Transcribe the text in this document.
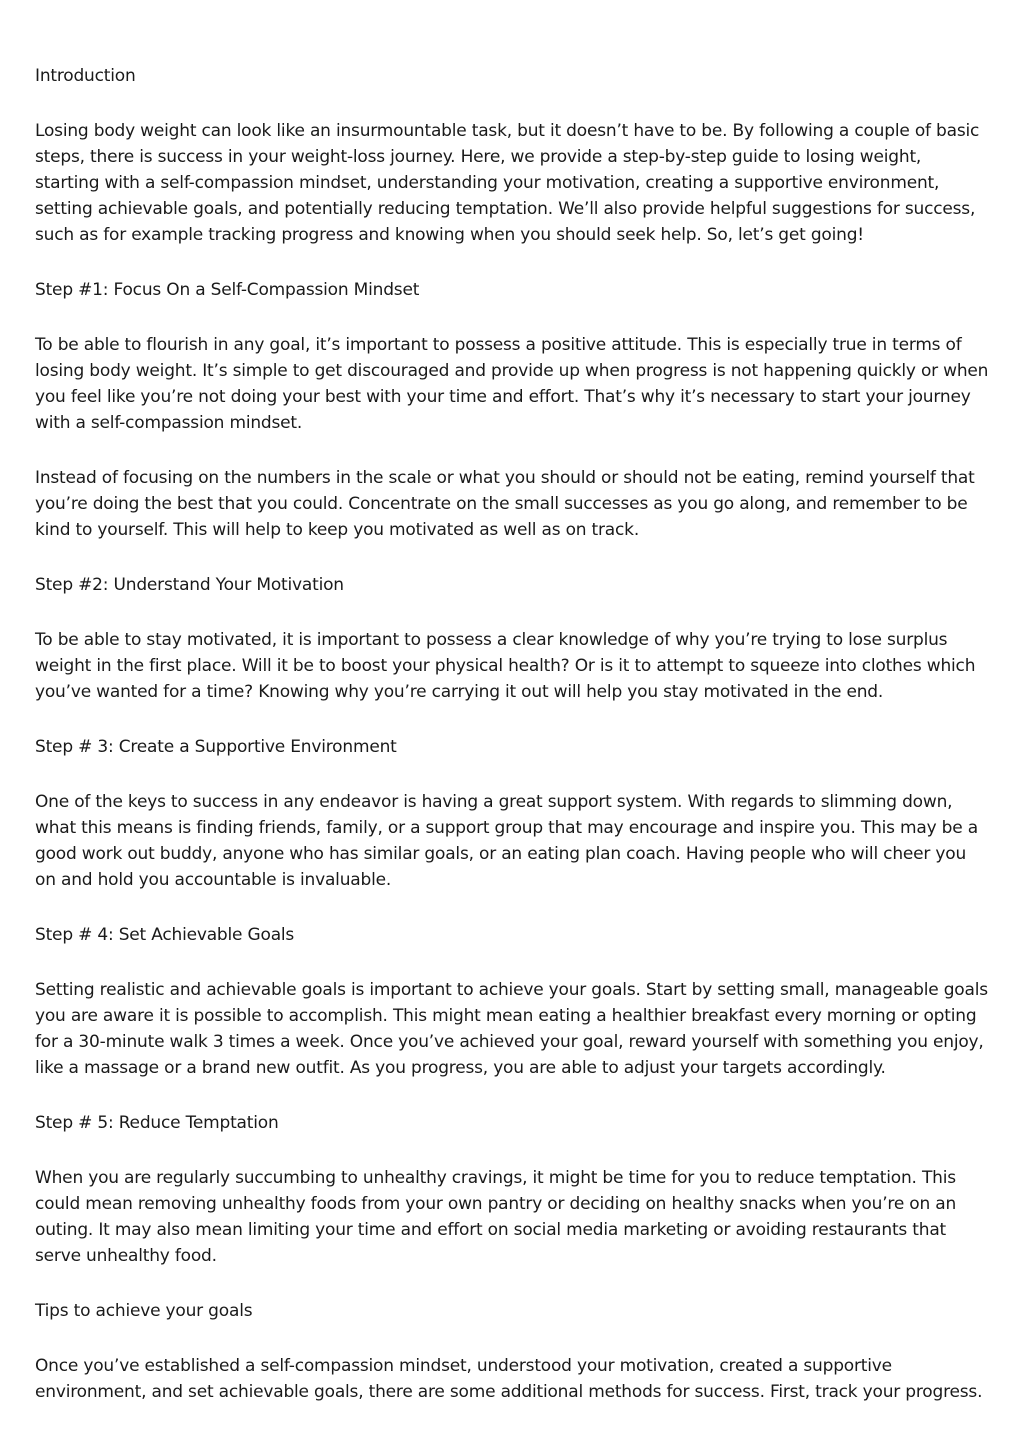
Introduction

Losing body weight can look like an insurmountable task, but it doesn’t have to be. By following a couple of basic steps, there is success in your weight-loss journey. Here, we provide a step-by-step guide to losing weight, starting with a self-compassion mindset, understanding your motivation, creating a supportive environment, setting achievable goals, and potentially reducing temptation. We’ll also provide helpful suggestions for success, such as for example tracking progress and knowing when you should seek help. So, let’s get going!

Step #1: Focus On a Self-Compassion Mindset

To be able to flourish in any goal, it’s important to possess a positive attitude. This is especially true in terms of losing body weight. It’s simple to get discouraged and provide up when progress is not happening quickly or when you feel like you’re not doing your best with your time and effort. That’s why it’s necessary to start your journey with a self-compassion mindset.

Instead of focusing on the numbers in the scale or what you should or should not be eating, remind yourself that you’re doing the best that you could. Concentrate on the small successes as you go along, and remember to be kind to yourself. This will help to keep you motivated as well as on track.

Step #2: Understand Your Motivation

To be able to stay motivated, it is important to possess a clear knowledge of why you’re trying to lose surplus weight in the first place. Will it be to boost your physical health? Or is it to attempt to squeeze into clothes which you’ve wanted for a time? Knowing why you’re carrying it out will help you stay motivated in the end.

Step # 3: Create a Supportive Environment

One of the keys to success in any endeavor is having a great support system. With regards to slimming down, what this means is finding friends, family, or a support group that may encourage and inspire you. This may be a good work out buddy, anyone who has similar goals, or an eating plan coach. Having people who will cheer you on and hold you accountable is invaluable.

Step # 4: Set Achievable Goals

Setting realistic and achievable goals is important to achieve your goals. Start by setting small, manageable goals you are aware it is possible to accomplish. This might mean eating a healthier breakfast every morning or opting for a 30-minute walk 3 times a week. Once you’ve achieved your goal, reward yourself with something you enjoy, like a massage or a brand new outfit. As you progress, you are able to adjust your targets accordingly.

Step # 5: Reduce Temptation

When you are regularly succumbing to unhealthy cravings, it might be time for you to reduce temptation. This could mean removing unhealthy foods from your own pantry or deciding on healthy snacks when you’re on an outing. It may also mean limiting your time and effort on social media marketing or avoiding restaurants that serve unhealthy food.

Tips to achieve your goals

Once you’ve established a self-compassion mindset, understood your motivation, created a supportive environment, and set achievable goals, there are some additional methods for success. First, track your progress.
